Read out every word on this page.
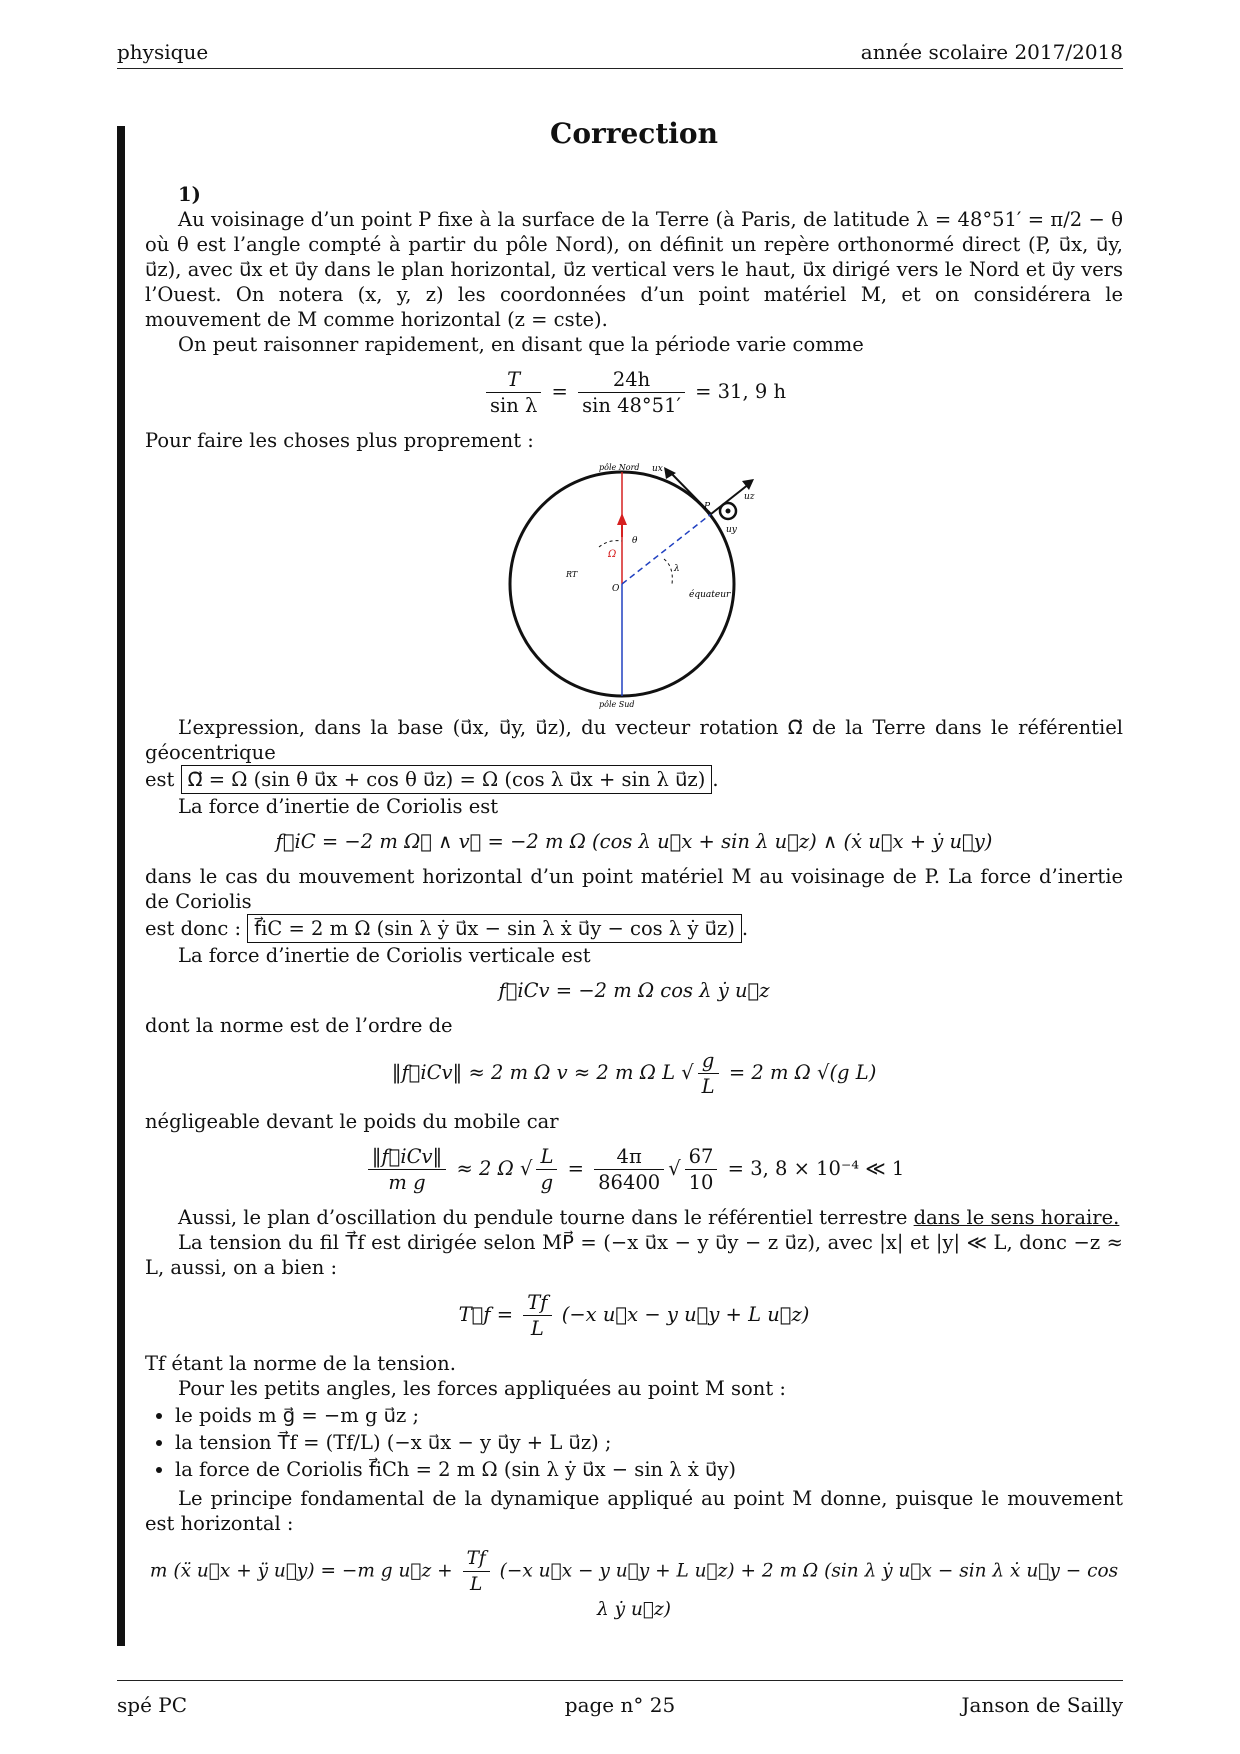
physique	année scolaire 2017/2018
Correction
1)

Au voisinage d’un point P fixe à la surface de la Terre (à Paris, de latitude λ = 48°51′ = π/2 − θ où θ est l’angle compté à partir du pôle Nord), on définit un repère orthonormé direct (P, u⃗x, u⃗y, u⃗z), avec u⃗x et u⃗y dans le plan horizontal, u⃗z vertical vers le haut, u⃗x dirigé vers le Nord et u⃗y vers l’Ouest. On notera (x, y, z) les coordonnées d’un point matériel M, et on considérera le mouvement de M comme horizontal (z = cste).

On peut raisonner rapidement, en disant que la période varie comme

$\frac{T}{\text{sin λ}} = \frac{24h}{\sin 48^\circ 51'} = 31$, 9 h

Pour faire les choses plus proprement :

pôle Nord
pôle Sud
équateur
RT
O
P
Ω
θ
λ
ux
uz
uy

L’expression, dans la base (u⃗x, u⃗y, u⃗z), du vecteur rotation Ω⃗ de la Terre dans le référentiel géocentrique

est Ω⃗ = Ω (sin θ u⃗x + cos θ u⃗z) = Ω (cos λ u⃗x + sin λ u⃗z) .

La force d’inertie de Coriolis est

f⃗iC = −2 m Ω⃗ ∧ v⃗ = −2 m Ω (cos λ u⃗x + sin λ u⃗z) ∧ (ẋ u⃗x + ẏ u⃗y)

dans le cas du mouvement horizontal d’un point matériel M au voisinage de P. La force d’inertie de Coriolis

est donc : f⃗iC = 2 m Ω (sin λ ẏ u⃗x − sin λ ẋ u⃗y − cos λ ẏ u⃗z) .

La force d’inertie de Coriolis verticale est

f⃗iCv = −2 m Ω cos λ ẏ u⃗z

dont la norme est de l’ordre de

‖f⃗iCv‖ ≈ 2 m Ω v ≈ 2 m Ω L √ $\frac{g}{L} = 2$ m Ω √(g L)

négligeable devant le poids du mobile car

$\frac{\text{‖f⃗iCv‖}}{\text{m g}} \approx 2$ Ω √ $\frac{L}{g} = \frac{4\pi}{86400}$ √ $\frac{67}{10} = 3$, 8 × 10⁻⁴ ≪ 1

Aussi, le plan d’oscillation du pendule tourne dans le référentiel terrestre dans le sens horaire.

La tension du fil T⃗f est dirigée selon MP⃗ = (−x u⃗x − y u⃗y − z u⃗z), avec |x| et |y| ≪ L, donc −z ≈ L, aussi, on a bien :

T⃗f = $\frac{Tf}{L} (-x$ u⃗x − y u⃗y + L u⃗z)

Tf étant la norme de la tension.

Pour les petits angles, les forces appliquées au point M sont :

• le poids m g⃗ = −m g u⃗z ;
• la tension T⃗f = (Tf/L) (−x u⃗x − y u⃗y + L u⃗z) ;
• la force de Coriolis f⃗iCh = 2 m Ω (sin λ ẏ u⃗x − sin λ ẋ u⃗y)

Le principe fondamental de la dynamique appliqué au point M donne, puisque le mouvement est horizontal :

m (ẍ u⃗x + ÿ u⃗y) = −m g u⃗z + $\frac{Tf}{L} (-x$ u⃗x − y u⃗y + L u⃗z) + 2 m Ω (sin λ ẏ u⃗x − sin λ ẋ u⃗y − cos λ ẏ u⃗z)
spé PC	page n° 25	Janson de Sailly
